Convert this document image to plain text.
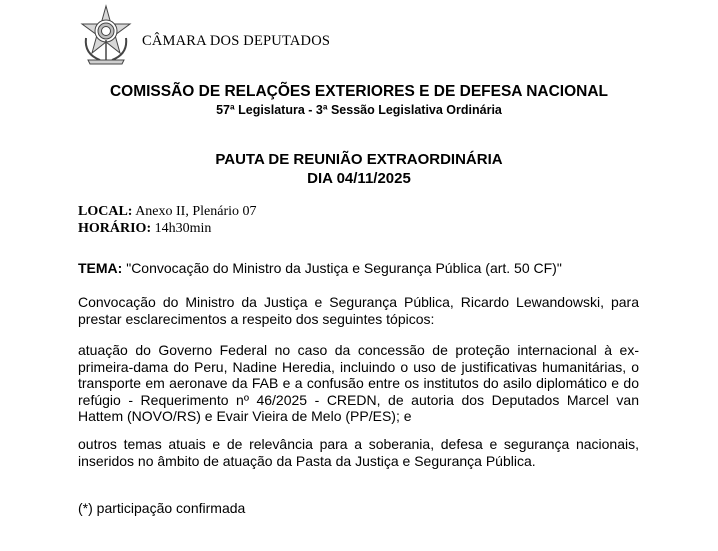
CÂMARA DOS DEPUTADOS
COMISSÃO DE RELAÇÕES EXTERIORES E DE DEFESA NACIONAL
57ª Legislatura - 3ª Sessão Legislativa Ordinária
PAUTA DE REUNIÃO EXTRAORDINÁRIA
DIA 04/11/2025
LOCAL: Anexo II, Plenário 07
HORÁRIO: 14h30min
TEMA: "Convocação do Ministro da Justiça e Segurança Pública (art. 50 CF)"

Convocação do Ministro da Justiça e Segurança Pública, Ricardo Lewandowski, para prestar esclarecimentos a respeito dos seguintes tópicos:

atuação do Governo Federal no caso da concessão de proteção internacional à ex-primeira-dama do Peru, Nadine Heredia, incluindo o uso de justificativas humanitárias, o transporte em aeronave da FAB e a confusão entre os institutos do asilo diplomático e do refúgio - Requerimento nº 46/2025 - CREDN, de autoria dos Deputados Marcel van Hattem (NOVO/RS) e Evair Vieira de Melo (PP/ES); e

outros temas atuais e de relevância para a soberania, defesa e segurança nacionais, inseridos no âmbito de atuação da Pasta da Justiça e Segurança Pública.

(*) participação confirmada
